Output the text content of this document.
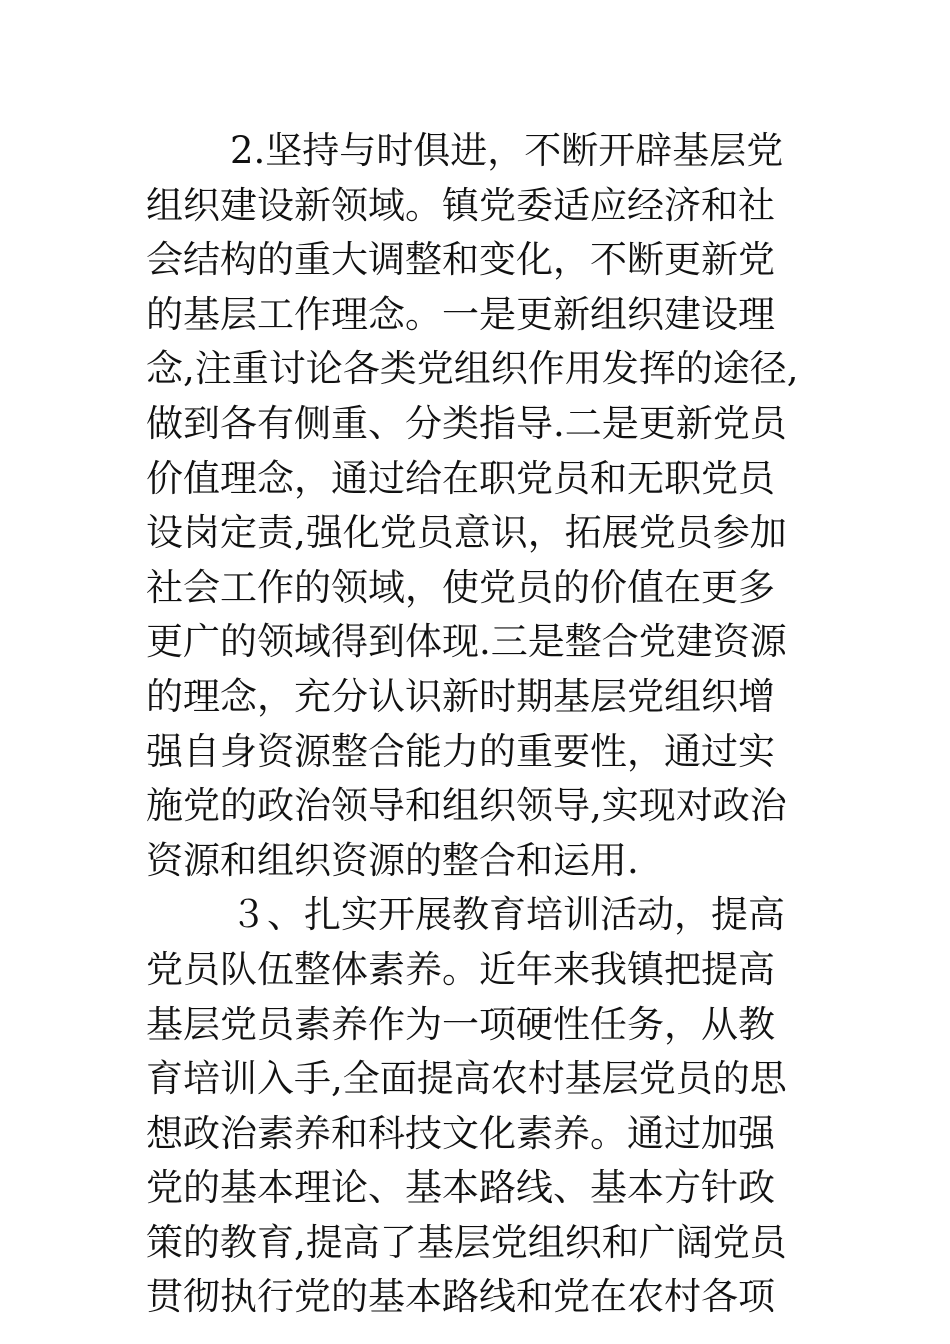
2.坚持与时俱进，不断开辟基层党
组织建设新领域。镇党委适应经济和社
会结构的重大调整和变化，不断更新党
的基层工作理念。一是更新组织建设理
念,注重讨论各类党组织作用发挥的途径,
做到各有侧重、分类指导.二是更新党员
价值理念，通过给在职党员和无职党员
设岗定责,强化党员意识，拓展党员参加
社会工作的领域，使党员的价值在更多
更广的领域得到体现.三是整合党建资源
的理念，充分认识新时期基层党组织增
强自身资源整合能力的重要性，通过实
施党的政治领导和组织领导,实现对政治
资源和组织资源的整合和运用.
３、扎实开展教育培训活动，提高
党员队伍整体素养。近年来我镇把提高
基层党员素养作为一项硬性任务，从教
育培训入手,全面提高农村基层党员的思
想政治素养和科技文化素养。通过加强
党的基本理论、基本路线、基本方针政
策的教育,提高了基层党组织和广阔党员
贯彻执行党的基本路线和党在农村各项
